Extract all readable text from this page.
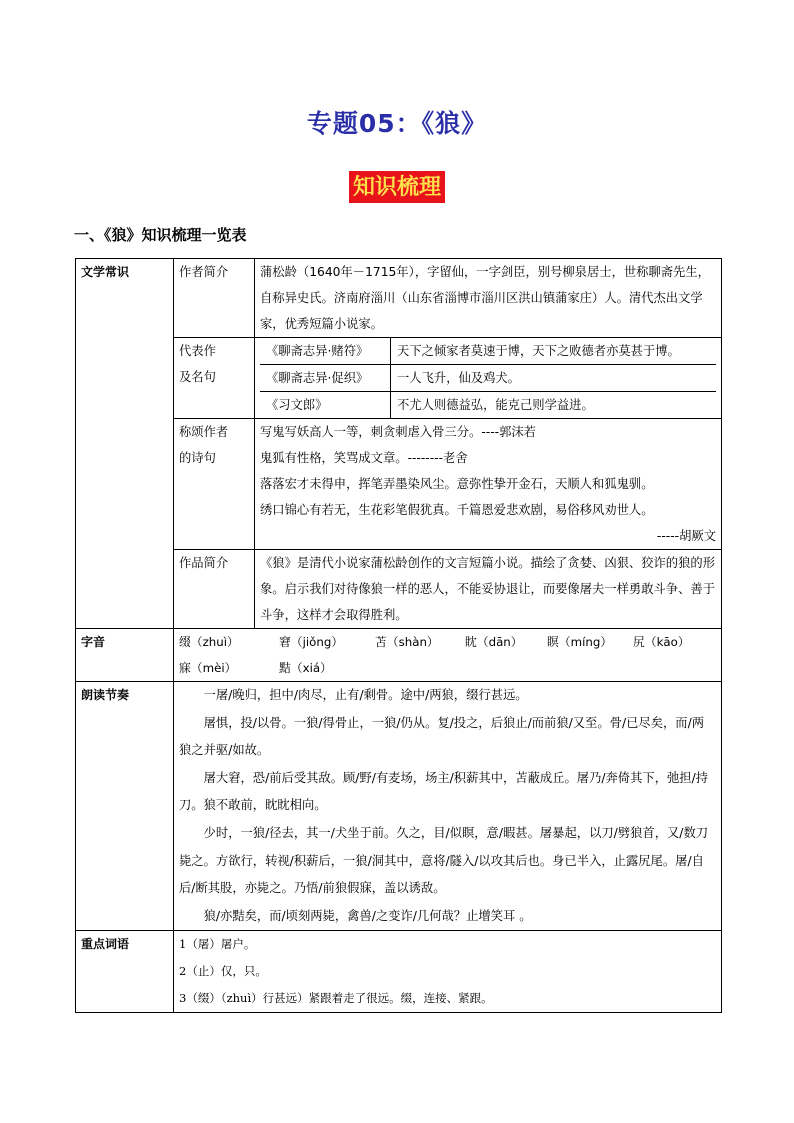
专题05：《狼》
知识梳理
一、《狼》知识梳理一览表
文学常识	作者简介	蒲松龄（1640年－1715年），字留仙，一字剑臣，别号柳泉居士，世称聊斋先生，自称异史氏。济南府淄川（山东省淄博市淄川区洪山镇蒲家庄）人。清代杰出文学家，优秀短篇小说家。

代表作
及名句

《聊斋志异·赌符》	天下之倾家者莫速于博，天下之败德者亦莫甚于博。
《聊斋志异·促织》	一人飞升，仙及鸡犬。
《习文郎》	不尤人则德益弘，能克己则学益进。

称颂作者
的诗句

写鬼写妖高人一等，刺贪刺虐入骨三分。----郭沫若
鬼狐有性格，笑骂成文章。--------老舍
落落宏才未得申，挥笔弄墨染风尘。意弥性挚开金石，天顺人和狐鬼驯。
绣口锦心有若无，生花彩笔假犹真。千篇恩爱悲欢剧，易俗移风劝世人。
-----胡厥文

作品简介	《狼》是清代小说家蒲松龄创作的文言短篇小说。描绘了贪婪、凶狠、狡诈的狼的形象。启示我们对待像狼一样的恶人，不能妥协退让，而要像屠夫一样勇敢斗争、善于斗争，这样才会取得胜利。
字音	缀（zhuì）	窘（jiǒng）	苫（shàn） 眈（dān） 瞑（míng） 尻（kāo）
寐（mèi）	黠（xiá）

朗读节奏	一屠/晚归，担中/肉尽，止有/剩骨。途中/两狼，缀行甚远。
屠惧，投/以骨。一狼/得骨止，一狼/仍从。复/投之，后狼止/而前狼/又至。骨/已尽矣，而/两狼之并驱/如故。
屠大窘，恐/前后受其敌。顾/野/有麦场，场主/积薪其中，苫蔽成丘。屠乃/奔倚其下，弛担/持刀。狼不敢前，眈眈相向。
少时，一狼/径去，其一/犬坐于前。久之，目/似瞑，意/暇甚。屠暴起，以刀/劈狼首，又/数刀毙之。方欲行，转视/积薪后，一狼/洞其中，意将/隧入/以攻其后也。身已半入，止露尻尾。屠/自后/断其股，亦毙之。乃悟/前狼假寐，盖以诱敌。
狼/亦黠矣，而/顷刻两毙，禽兽/之变诈/几何哉？止增笑耳 。

重点词语	1（屠）屠户。
2（止）仅，只。
3（缀）（zhuì）行甚远）紧跟着走了很远。缀，连接、紧跟。
